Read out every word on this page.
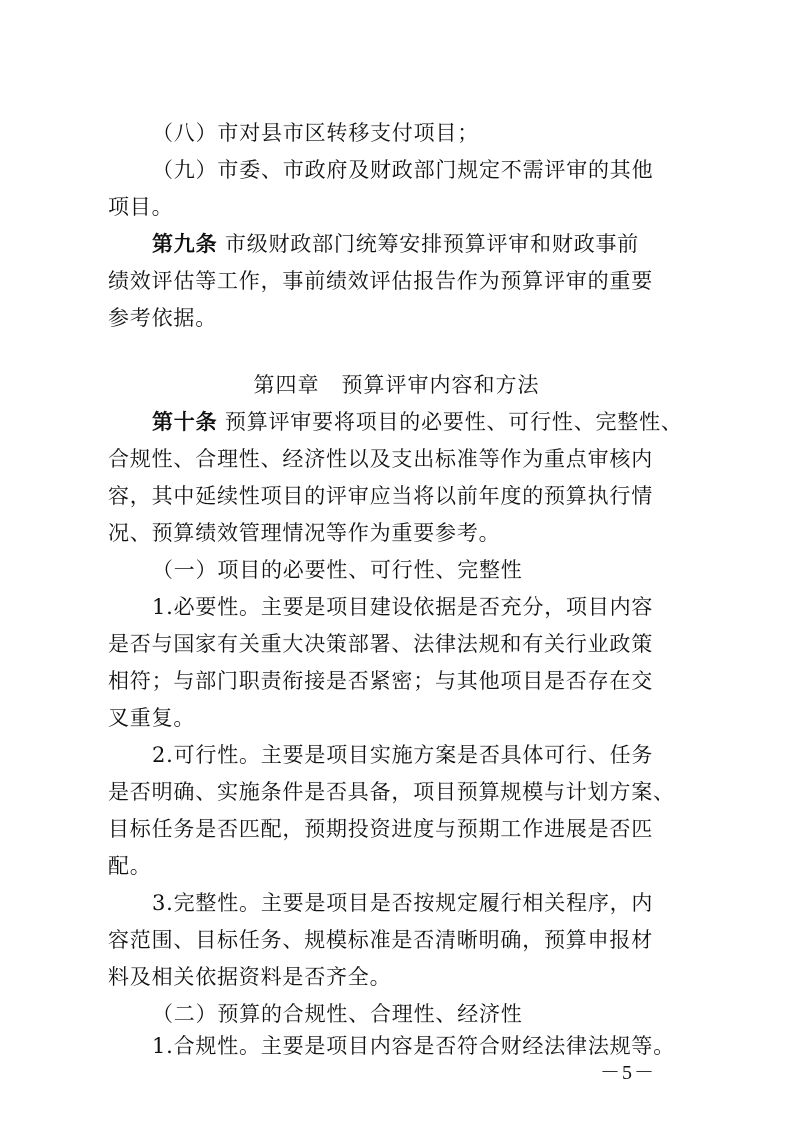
（八）市对县市区转移支付项目；
（九）市委、市政府及财政部门规定不需评审的其他
项目。
第九条 市级财政部门统筹安排预算评审和财政事前
绩效评估等工作，事前绩效评估报告作为预算评审的重要
参考依据。
第四章　预算评审内容和方法
第十条 预算评审要将项目的必要性、可行性、完整性、
合规性、合理性、经济性以及支出标准等作为重点审核内
容，其中延续性项目的评审应当将以前年度的预算执行情
况、预算绩效管理情况等作为重要参考。
（一）项目的必要性、可行性、完整性
1.必要性。主要是项目建设依据是否充分，项目内容
是否与国家有关重大决策部署、法律法规和有关行业政策
相符；与部门职责衔接是否紧密；与其他项目是否存在交
叉重复。
2.可行性。主要是项目实施方案是否具体可行、任务
是否明确、实施条件是否具备，项目预算规模与计划方案、
目标任务是否匹配，预期投资进度与预期工作进展是否匹
配。
3.完整性。主要是项目是否按规定履行相关程序，内
容范围、目标任务、规模标准是否清晰明确，预算申报材
料及相关依据资料是否齐全。
（二）预算的合规性、合理性、经济性
1.合规性。主要是项目内容是否符合财经法律法规等。
－5－
